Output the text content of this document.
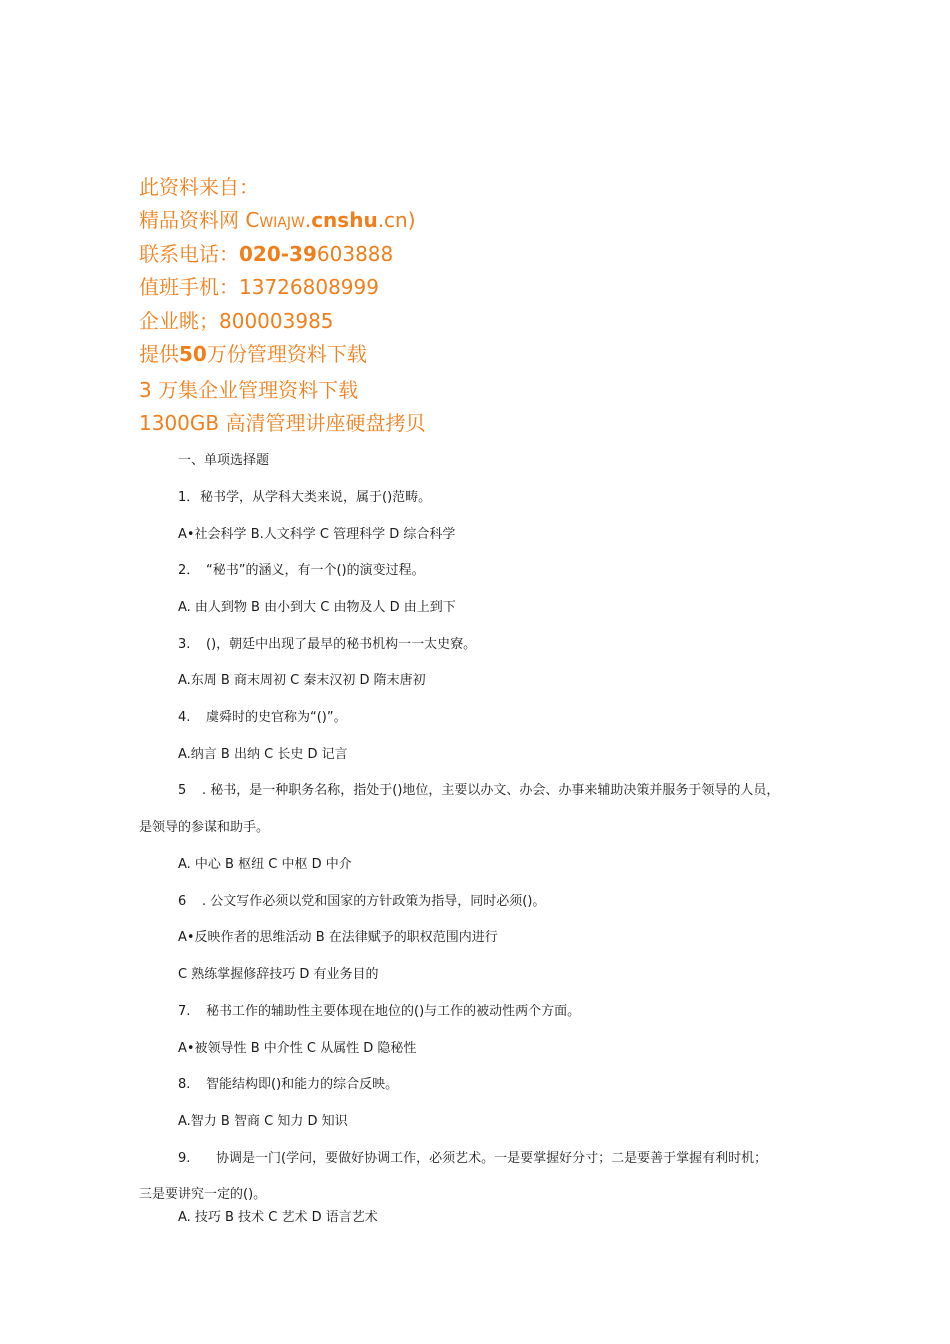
此资料来自：
精品资料网 Cwiajw.cnshu.cn)
联系电话：020-39603888
值班手机：13726808999
企业眺；800003985
提供50万份管理资料下载
3 万集企业管理资料下载
1300GB 高清管理讲座硬盘拷贝
一、单项选择题
1．秘书学，从学科大类来说，属于()范畴。
A•社会科学 B.人文科学 C 管理科学 D 综合科学
2． “秘书”的涵义，有一个()的演变过程。
A. 由人到物 B 由小到大 C 由物及人 D 由上到下
3. ()，朝廷中出现了最早的秘书机构一一太史寮。
A.东周 B 商末周初 C 秦末汉初 D 隋末唐初
4. 虞舜时的史官称为“()”。
A.纳言 B 出纳 C 长史 D 记言
5 . 秘书，是一种职务名称，指处于()地位，主要以办文、办会、办事来辅助决策并服务于领导的人员，
是领导的参谋和助手。
A. 中心 B 枢纽 C 中枢 D 中介
6 . 公文写作必须以党和国家的方针政策为指导，同时必须()。
A•反映作者的思维活动 B 在法律赋予的职权范围内进行
C 熟练掌握修辞技巧 D 有业务目的
7. 秘书工作的辅助性主要体现在地位的()与工作的被动性两个方面。
A•被领导性 B 中介性 C 从属性 D 隐秘性
8. 智能结构即()和能力的综合反映。
A.智力 B 智商 C 知力 D 知识
9. 协调是一门(学问，要做好协调工作，必须艺术。一是要掌握好分寸；二是要善于掌握有利时机；
三是要讲究一定的()。
A. 技巧 B 技术 C 艺术 D 语言艺术
